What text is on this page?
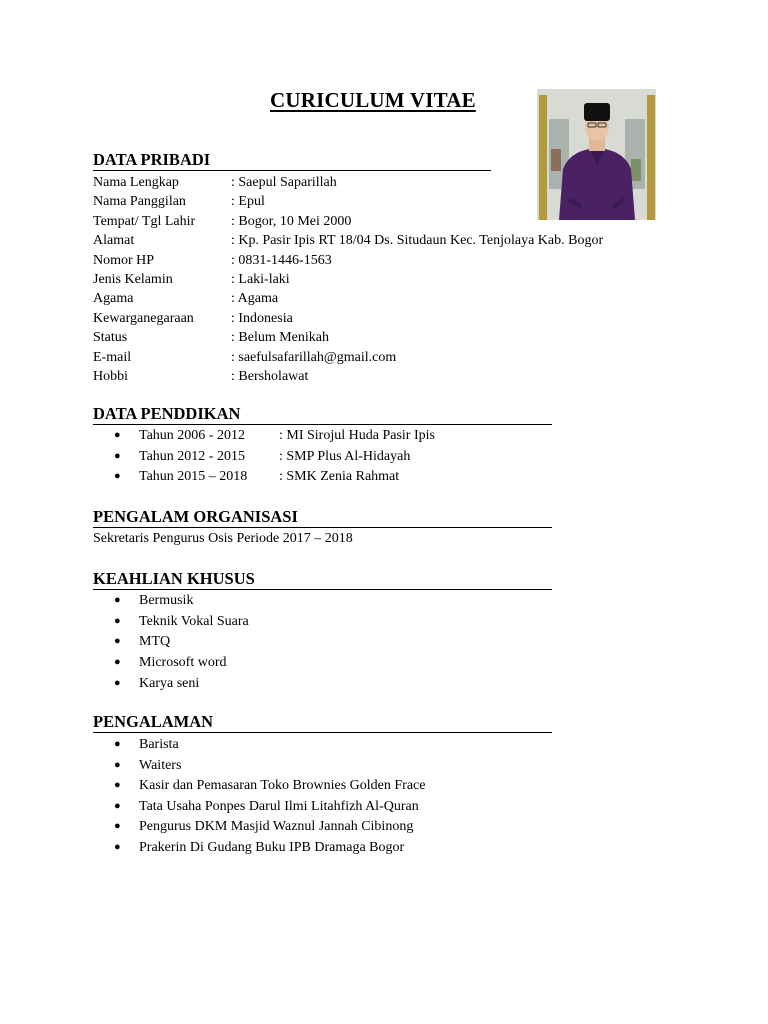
CURICULUM VITAE
DATA PRIBADI
Nama Lengkap	: Saepul Saparillah
Nama Panggilan	: Epul
Tempat/ Tgl Lahir	: Bogor, 10 Mei 2000
Alamat	: Kp. Pasir Ipis RT 18/04 Ds. Situdaun Kec. Tenjolaya Kab. Bogor
Nomor HP	: 0831-1446-1563
Jenis Kelamin	: Laki-laki
Agama	: Agama
Kewarganegaraan	: Indonesia
Status	: Belum Menikah
E-mail	: saefulsafarillah@gmail.com
Hobbi	: Bersholawat
DATA PENDDIKAN
● Tahun 2006 - 2012 : MI Sirojul Huda Pasir Ipis
● Tahun 2012 - 2015 : SMP Plus Al-Hidayah
● Tahun 2015 – 2018 : SMK Zenia Rahmat
PENGALAM ORGANISASI
Sekretaris Pengurus Osis Periode 2017 – 2018
KEAHLIAN KHUSUS
● Bermusik
● Teknik Vokal Suara
● MTQ
● Microsoft word
● Karya seni
PENGALAMAN
● Barista
● Waiters
● Kasir dan Pemasaran Toko Brownies Golden Frace
● Tata Usaha Ponpes Darul Ilmi Litahfizh Al-Quran
● Pengurus DKM Masjid Waznul Jannah Cibinong
● Prakerin Di Gudang Buku IPB Dramaga Bogor
